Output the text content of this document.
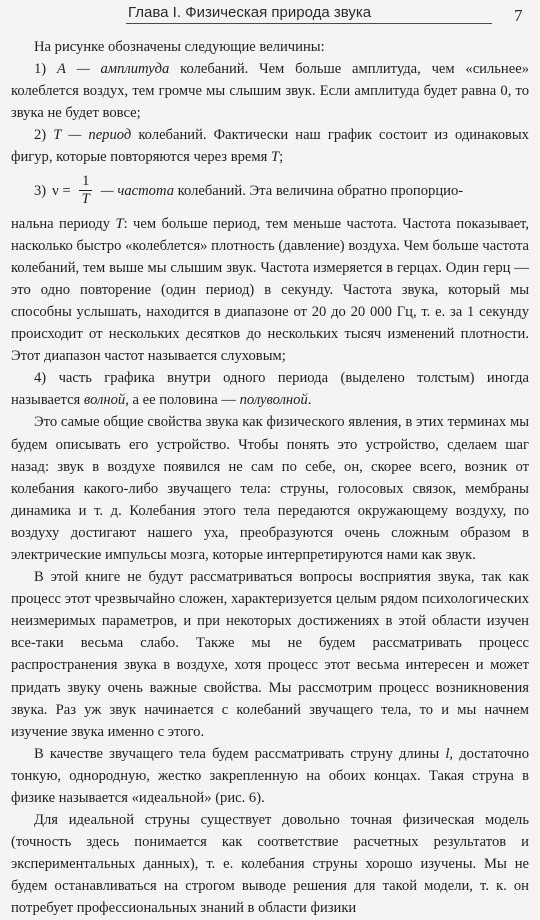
Глава I. Физическая природа звука	7

На рисунке обозначены следующие величины:

1) A — амплитуда колебаний. Чем больше амплитуда, чем «сильнее» колеблется воздух, тем громче мы слышим звук. Если амплитуда будет равна 0, то звука не будет вовсе;

2) T — период колебаний. Фактически наш график состоит из одинаковых фигур, которые повторяются через время T;

3) $\nu = \frac{1}{T}$ — частота
колебаний. Эта величина обратно пропорцио-

нальна периоду T: чем больше период, тем меньше частота. Частота показывает, насколько быстро «колеблется» плотность (давление) воздуха. Чем больше частота колебаний, тем выше мы слышим звук. Частота измеряется в герцах. Один герц — это одно повторение (один период) в секунду. Частота звука, который мы способны услышать, находится в диапазоне от 20 до 20 000 Гц, т. е. за 1 секунду происходит от нескольких десятков до нескольких тысяч изменений плотности. Этот диапазон частот называется слуховым;

4) часть графика внутри одного периода (выделено толстым) иногда называется волной, а ее половина — полуволной.

Это самые общие свойства звука как физического явления, в этих терминах мы будем описывать его устройство. Чтобы понять это устройство, сделаем шаг назад: звук в воздухе появился не сам по себе, он, скорее всего, возник от колебания какого-либо звучащего тела: струны, голосовых связок, мембраны динамика и т. д. Колебания этого тела передаются окружающему воздуху, по воздуху достигают нашего уха, преобразуются очень сложным образом в электрические импульсы мозга, которые интерпретируются нами как звук.

В этой книге не будут рассматриваться вопросы восприятия звука, так как процесс этот чрезвычайно сложен, характеризуется целым рядом психологических неизмеримых параметров, и при некоторых достижениях в этой области изучен все-таки весьма слабо. Также мы не будем рассматривать процесс распространения звука в воздухе, хотя процесс этот весьма интересен и может придать звуку очень важные свойства. Мы рассмотрим процесс возникновения звука. Раз уж звук начинается с колебаний звучащего тела, то и мы начнем изучение звука именно с этого.

В качестве звучащего тела будем рассматривать струну длины l, достаточно тонкую, однородную, жестко закрепленную на обоих концах. Такая струна в физике называется «идеальной» (рис. 6).

Для идеальной струны существует довольно точная физическая модель (точность здесь понимается как соответствие расчетных результатов и экспериментальных данных), т. е. колебания струны хорошо изучены. Мы не будем останавливаться на строгом выводе решения для такой модели, т. к. он потребует профессиональных знаний в области физики
